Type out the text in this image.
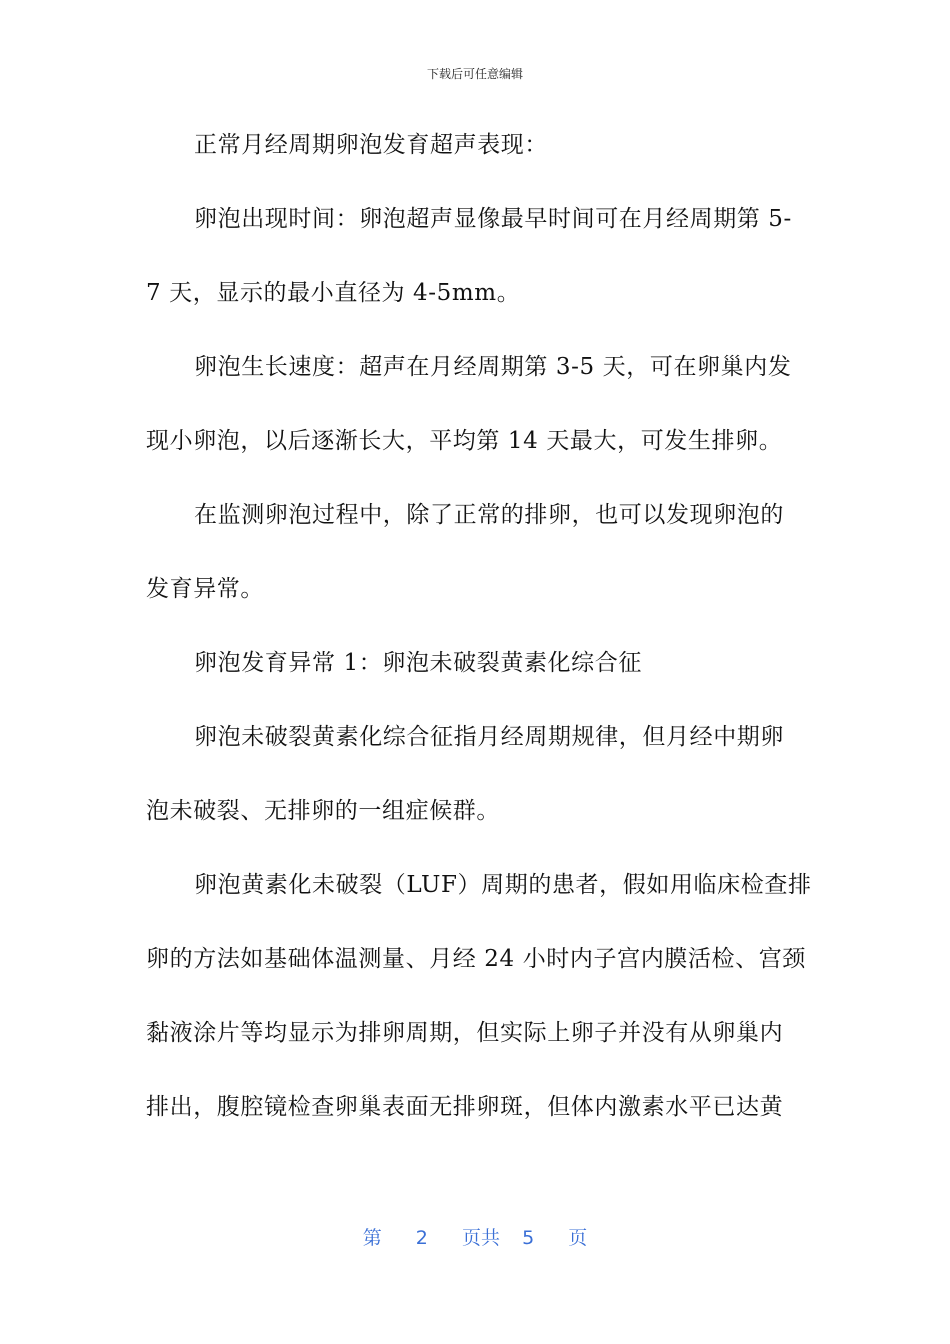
下载后可任意编辑
正常月经周期卵泡发育超声表现：
卵泡出现时间：卵泡超声显像最早时间可在月经周期第 5-
7 天，显示的最小直径为 4-5mm。
卵泡生长速度：超声在月经周期第 3-5 天，可在卵巢内发
现小卵泡，以后逐渐长大，平均第 14 天最大，可发生排卵。
在监测卵泡过程中，除了正常的排卵，也可以发现卵泡的
发育异常。
卵泡发育异常 1：卵泡未破裂黄素化综合征
卵泡未破裂黄素化综合征指月经周期规律，但月经中期卵
泡未破裂、无排卵的一组症候群。
卵泡黄素化未破裂（LUF）周期的患者，假如用临床检查排
卵的方法如基础体温测量、月经 24 小时内子宫内膜活检、宫颈
黏液涂片等均显示为排卵周期，但实际上卵子并没有从卵巢内
排出，腹腔镜检查卵巢表面无排卵斑，但体内激素水平已达黄
第 2 页共 5 页
